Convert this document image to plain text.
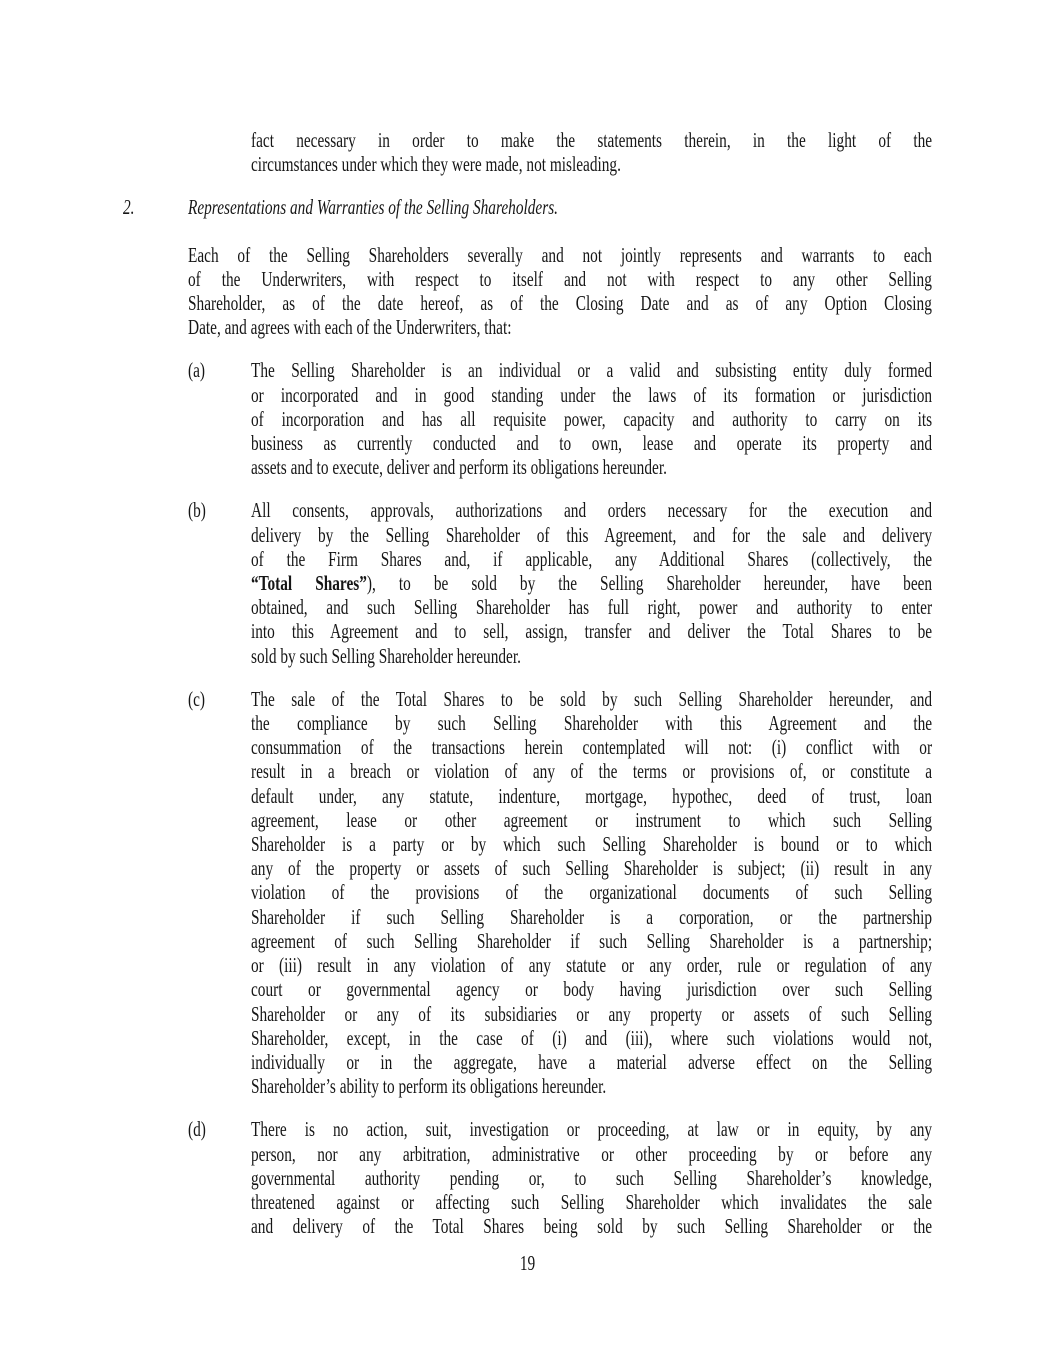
fact necessary in order to make the statements therein, in the light of the
circumstances under which they were made, not misleading.
2.	Representations and Warranties of the Selling Shareholders.
Each of the Selling Shareholders severally and not jointly represents and warrants to each
of the Underwriters, with respect to itself and not with respect to any other Selling
Shareholder, as of the date hereof, as of the Closing Date and as of any Option Closing
Date, and agrees with each of the Underwriters, that:
(a) The Selling Shareholder is an individual or a valid and subsisting entity duly formed
or incorporated and in good standing under the laws of its formation or jurisdiction
of incorporation and has all requisite power, capacity and authority to carry on its
business as currently conducted and to own, lease and operate its property and
assets and to execute, deliver and perform its obligations hereunder.
(b) All consents, approvals, authorizations and orders necessary for the execution and
delivery by the Selling Shareholder of this Agreement, and for the sale and delivery
of the Firm Shares and, if applicable, any Additional Shares (collectively, the
“Total Shares”), to be sold by the Selling Shareholder hereunder, have been
obtained, and such Selling Shareholder has full right, power and authority to enter
into this Agreement and to sell, assign, transfer and deliver the Total Shares to be
sold by such Selling Shareholder hereunder.
(c) The sale of the Total Shares to be sold by such Selling Shareholder hereunder, and
the compliance by such Selling Shareholder with this Agreement and the
consummation of the transactions herein contemplated will not: (i) conflict with or
result in a breach or violation of any of the terms or provisions of, or constitute a
default under, any statute, indenture, mortgage, hypothec, deed of trust, loan
agreement, lease or other agreement or instrument to which such Selling
Shareholder is a party or by which such Selling Shareholder is bound or to which
any of the property or assets of such Selling Shareholder is subject; (ii) result in any
violation of the provisions of the organizational documents of such Selling
Shareholder if such Selling Shareholder is a corporation, or the partnership
agreement of such Selling Shareholder if such Selling Shareholder is a partnership;
or (iii) result in any violation of any statute or any order, rule or regulation of any
court or governmental agency or body having jurisdiction over such Selling
Shareholder or any of its subsidiaries or any property or assets of such Selling
Shareholder, except, in the case of (i) and (iii), where such violations would not,
individually or in the aggregate, have a material adverse effect on the Selling
Shareholder’s ability to perform its obligations hereunder.
(d) There is no action, suit, investigation or proceeding, at law or in equity, by any
person, nor any arbitration, administrative or other proceeding by or before any
governmental authority pending or, to such Selling Shareholder’s knowledge,
threatened against or affecting such Selling Shareholder which invalidates the sale
and delivery of the Total Shares being sold by such Selling Shareholder or the
19
